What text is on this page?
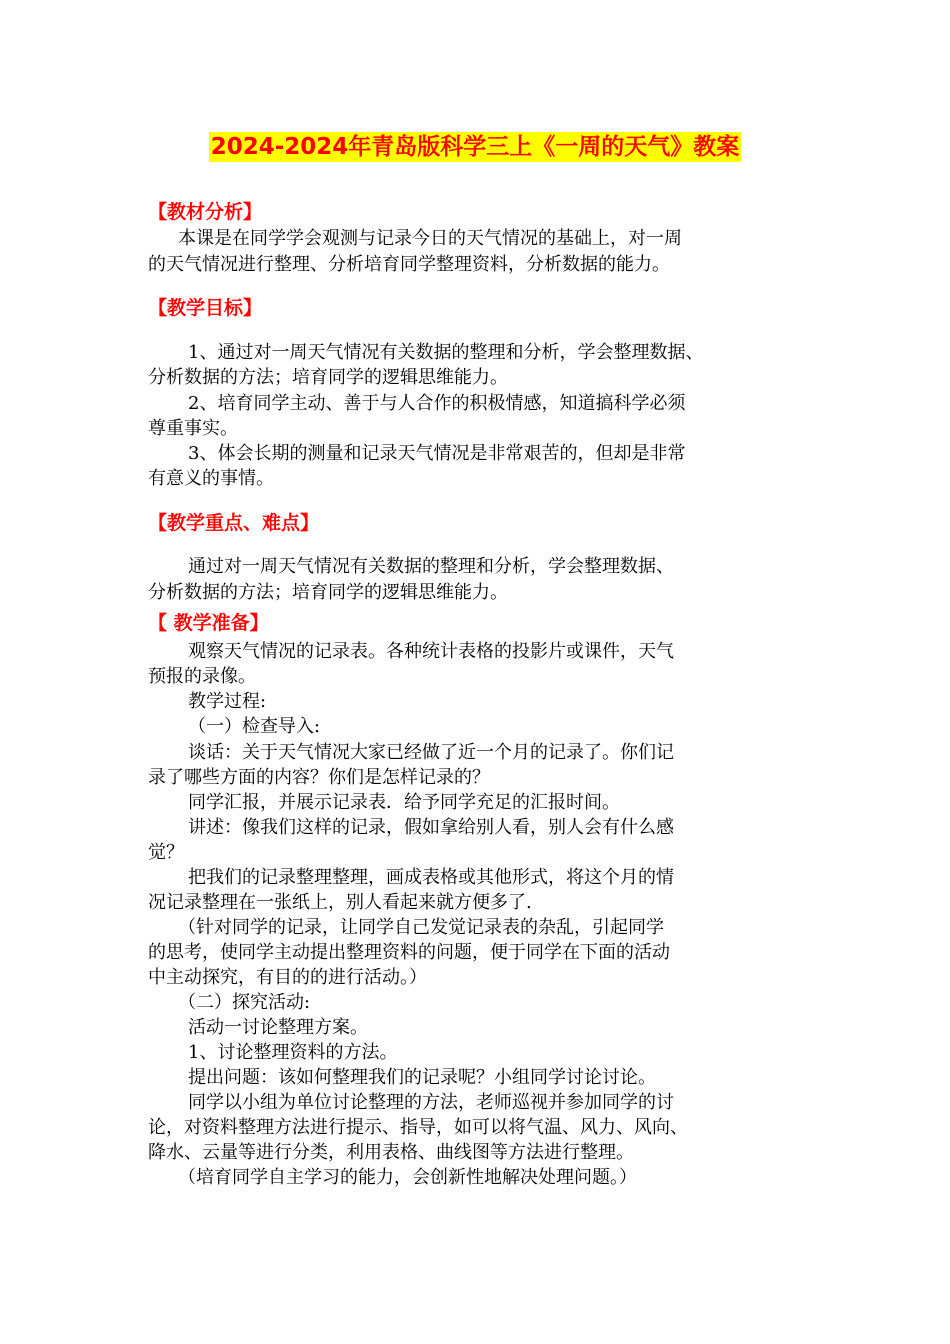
2024-2024年青岛版科学三上《一周的天气》教案
【教材分析】
本课是在同学学会观测与记录今日的天气情况的基础上，对一周
的天气情况进行整理、分析培育同学整理资料，分析数据的能力。
【教学目标】
1、通过对一周天气情况有关数据的整理和分析，学会整理数据、
分析数据的方法；培育同学的逻辑思维能力。
2、培育同学主动、善于与人合作的积极情感，知道搞科学必须
尊重事实。
3、体会长期的测量和记录天气情况是非常艰苦的，但却是非常
有意义的事情。
【教学重点、难点】
通过对一周天气情况有关数据的整理和分析，学会整理数据、
分析数据的方法；培育同学的逻辑思维能力。
【 教学准备】
观察天气情况的记录表。各种统计表格的投影片或课件，天气
预报的录像。
教学过程:
（一）检查导入:
谈话：关于天气情况大家已经做了近一个月的记录了。你们记
录了哪些方面的内容？你们是怎样记录的？
同学汇报，并展示记录表．给予同学充足的汇报时间。
讲述：像我们这样的记录，假如拿给别人看，别人会有什么感
觉？
把我们的记录整理整理，画成表格或其他形式，将这个月的情
况记录整理在一张纸上，别人看起来就方便多了.
（针对同学的记录，让同学自己发觉记录表的杂乱，引起同学
的思考，使同学主动提出整理资料的问题，便于同学在下面的活动
中主动探究，有目的的进行活动。）
（二）探究活动:
活动一讨论整理方案。
1、讨论整理资料的方法。
提出问题：该如何整理我们的记录呢？小组同学讨论讨论。
同学以小组为单位讨论整理的方法，老师巡视并参加同学的讨
论，对资料整理方法进行提示、指导，如可以将气温、风力、风向、
降水、云量等进行分类，利用表格、曲线图等方法进行整理。
（培育同学自主学习的能力，会创新性地解决处理问题。）
